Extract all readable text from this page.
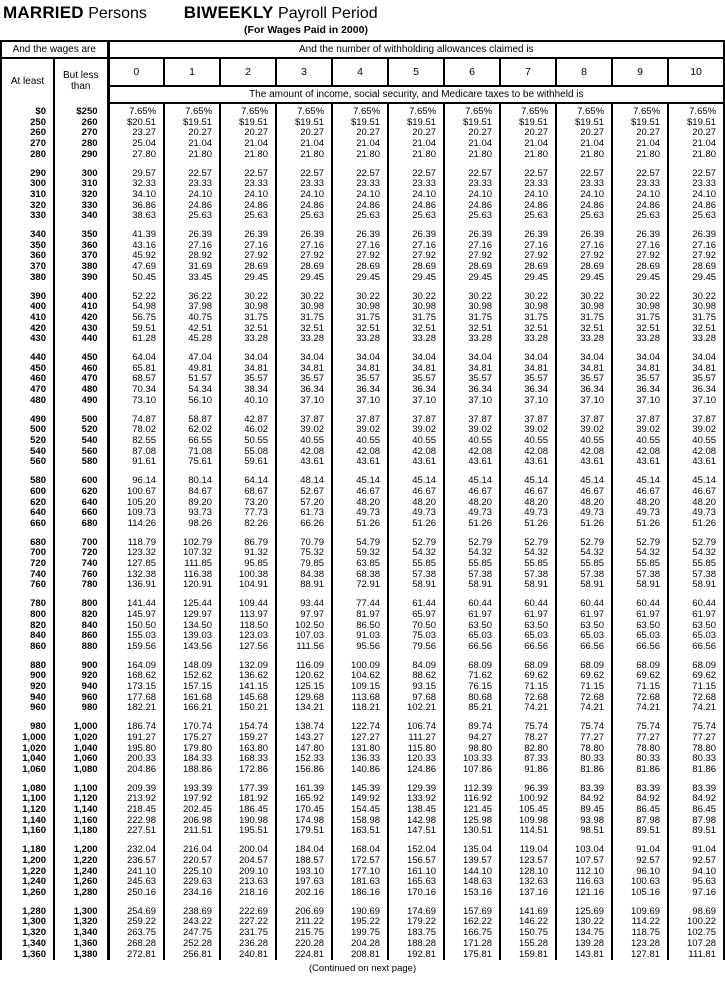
MARRIED Persons BIWEEKLY Payroll Period
(For Wages Paid in 2000)
And the wages are		And the number of withholding allowances claimed is										
At least	But less than	0	1	2	3	4	5	6	7	8	9	10
		The amount of income, social security, and Medicare taxes to be withheld is										
$0	$250	7.65%	7.65%	7.65%	7.65%	7.65%	7.65%	7.65%	7.65%	7.65%	7.65%	7.65%
250	260	$20.51	$19.51	$19.51	$19.51	$19.51	$19.51	$19.51	$19.51	$19.51	$19.51	$19.51
260	270	23.27	20.27	20.27	20.27	20.27	20.27	20.27	20.27	20.27	20.27	20.27
270	280	25.04	21.04	21.04	21.04	21.04	21.04	21.04	21.04	21.04	21.04	21.04
280	290	27.80	21.80	21.80	21.80	21.80	21.80	21.80	21.80	21.80	21.80	21.80

290	300	29.57	22.57	22.57	22.57	22.57	22.57	22.57	22.57	22.57	22.57	22.57
300	310	32.33	23.33	23.33	23.33	23.33	23.33	23.33	23.33	23.33	23.33	23.33
310	320	34.10	24.10	24.10	24.10	24.10	24.10	24.10	24.10	24.10	24.10	24.10
320	330	36.86	24.86	24.86	24.86	24.86	24.86	24.86	24.86	24.86	24.86	24.86
330	340	38.63	25.63	25.63	25.63	25.63	25.63	25.63	25.63	25.63	25.63	25.63

340	350	41.39	26.39	26.39	26.39	26.39	26.39	26.39	26.39	26.39	26.39	26.39
350	360	43.16	27.16	27.16	27.16	27.16	27.16	27.16	27.16	27.16	27.16	27.16
360	370	45.92	28.92	27.92	27.92	27.92	27.92	27.92	27.92	27.92	27.92	27.92
370	380	47.69	31.69	28.69	28.69	28.69	28.69	28.69	28.69	28.69	28.69	28.69
380	390	50.45	33.45	29.45	29.45	29.45	29.45	29.45	29.45	29.45	29.45	29.45

390	400	52.22	36.22	30.22	30.22	30.22	30.22	30.22	30.22	30.22	30.22	30.22
400	410	54.98	37.98	30.98	30.98	30.98	30.98	30.98	30.98	30.98	30.98	30.98
410	420	56.75	40.75	31.75	31.75	31.75	31.75	31.75	31.75	31.75	31.75	31.75
420	430	59.51	42.51	32.51	32.51	32.51	32.51	32.51	32.51	32.51	32.51	32.51
430	440	61.28	45.28	33.28	33.28	33.28	33.28	33.28	33.28	33.28	33.28	33.28

440	450	64.04	47.04	34.04	34.04	34.04	34.04	34.04	34.04	34.04	34.04	34.04
450	460	65.81	49.81	34.81	34.81	34.81	34.81	34.81	34.81	34.81	34.81	34.81
460	470	68.57	51.57	35.57	35.57	35.57	35.57	35.57	35.57	35.57	35.57	35.57
470	480	70.34	54.34	38.34	36.34	36.34	36.34	36.34	36.34	36.34	36.34	36.34
480	490	73.10	56.10	40.10	37.10	37.10	37.10	37.10	37.10	37.10	37.10	37.10

490	500	74.87	58.87	42.87	37.87	37.87	37.87	37.87	37.87	37.87	37.87	37.87
500	520	78.02	62.02	46.02	39.02	39.02	39.02	39.02	39.02	39.02	39.02	39.02
520	540	82.55	66.55	50.55	40.55	40.55	40.55	40.55	40.55	40.55	40.55	40.55
540	560	87.08	71.08	55.08	42.08	42.08	42.08	42.08	42.08	42.08	42.08	42.08
560	580	91.61	75.61	59.61	43.61	43.61	43.61	43.61	43.61	43.61	43.61	43.61

580	600	96.14	80.14	64.14	48.14	45.14	45.14	45.14	45.14	45.14	45.14	45.14
600	620	100.67	84.67	68.67	52.67	46.67	46.67	46.67	46.67	46.67	46.67	46.67
620	640	105.20	89.20	73.20	57.20	48.20	48.20	48.20	48.20	48.20	48.20	48.20
640	660	109.73	93.73	77.73	61.73	49.73	49.73	49.73	49.73	49.73	49.73	49.73
660	680	114.26	98.26	82.26	66.26	51.26	51.26	51.26	51.26	51.26	51.26	51.26

680	700	118.79	102.79	86.79	70.79	54.79	52.79	52.79	52.79	52.79	52.79	52.79
700	720	123.32	107.32	91.32	75.32	59.32	54.32	54.32	54.32	54.32	54.32	54.32
720	740	127.85	111.85	95.85	79.85	63.85	55.85	55.85	55.85	55.85	55.85	55.85
740	760	132.38	116.38	100.38	84.38	68.38	57.38	57.38	57.38	57.38	57.38	57.38
760	780	136.91	120.91	104.91	88.91	72.91	58.91	58.91	58.91	58.91	58.91	58.91

780	800	141.44	125.44	109.44	93.44	77.44	61.44	60.44	60.44	60.44	60.44	60.44
800	820	145.97	129.97	113.97	97.97	81.97	65.97	61.97	61.97	61.97	61.97	61.97
820	840	150.50	134.50	118.50	102.50	86.50	70.50	63.50	63.50	63.50	63.50	63.50
840	860	155.03	139.03	123.03	107.03	91.03	75.03	65.03	65.03	65.03	65.03	65.03
860	880	159.56	143.56	127.56	111.56	95.56	79.56	66.56	66.56	66.56	66.56	66.56

880	900	164.09	148.09	132.09	116.09	100.09	84.09	68.09	68.09	68.09	68.09	68.09
900	920	168.62	152.62	136.62	120.62	104.62	88.62	71.62	69.62	69.62	69.62	69.62
920	940	173.15	157.15	141.15	125.15	109.15	93.15	76.15	71.15	71.15	71.15	71.15
940	960	177.68	161.68	145.68	129.68	113.68	97.68	80.68	72.68	72.68	72.68	72.68
960	980	182.21	166.21	150.21	134.21	118.21	102.21	85.21	74.21	74.21	74.21	74.21

980	1,000	186.74	170.74	154.74	138.74	122.74	106.74	89.74	75.74	75.74	75.74	75.74
1,000	1,020	191.27	175.27	159.27	143.27	127.27	111.27	94.27	78.27	77.27	77.27	77.27
1,020	1,040	195.80	179.80	163.80	147.80	131.80	115.80	98.80	82.80	78.80	78.80	78.80
1,040	1,060	200.33	184.33	168.33	152.33	136.33	120.33	103.33	87.33	80.33	80.33	80.33
1,060	1,080	204.86	188.86	172.86	156.86	140.86	124.86	107.86	91.86	81.86	81.86	81.86

1,080	1,100	209.39	193.39	177.39	161.39	145.39	129.39	112.39	96.39	83.39	83.39	83.39
1,100	1,120	213.92	197.92	181.92	165.92	149.92	133.92	116.92	100.92	84.92	84.92	84.92
1,120	1,140	218.45	202.45	186.45	170.45	154.45	138.45	121.45	105.45	89.45	86.45	86.45
1,140	1,160	222.98	206.98	190.98	174.98	158.98	142.98	125.98	109.98	93.98	87.98	87.98
1,160	1,180	227.51	211.51	195.51	179.51	163.51	147.51	130.51	114.51	98.51	89.51	89.51

1,180	1,200	232.04	216.04	200.04	184.04	168.04	152.04	135.04	119.04	103.04	91.04	91.04
1,200	1,220	236.57	220.57	204.57	188.57	172.57	156.57	139.57	123.57	107.57	92.57	92.57
1,220	1,240	241.10	225.10	209.10	193.10	177.10	161.10	144.10	128.10	112.10	96.10	94.10
1,240	1,260	245.63	229.63	213.63	197.63	181.63	165.63	148.63	132.63	116.63	100.63	95.63
1,260	1,280	250.16	234.16	218.16	202.16	186.16	170.16	153.16	137.16	121.16	105.16	97.16

1,280	1,300	254.69	238.69	222.69	206.69	190.69	174.69	157.69	141.69	125.69	109.69	98.69
1,300	1,320	259.22	243.22	227.22	211.22	195.22	179.22	162.22	146.22	130.22	114.22	100.22
1,320	1,340	263.75	247.75	231.75	215.75	199.75	183.75	166.75	150.75	134.75	118.75	102.75
1,340	1,360	268.28	252.28	236.28	220.28	204.28	188.28	171.28	155.28	139.28	123.28	107.28
1,360	1,380	272.81	256.81	240.81	224.81	208.81	192.81	175.81	159.81	143.81	127.81	111.81
(Continued on next page)
